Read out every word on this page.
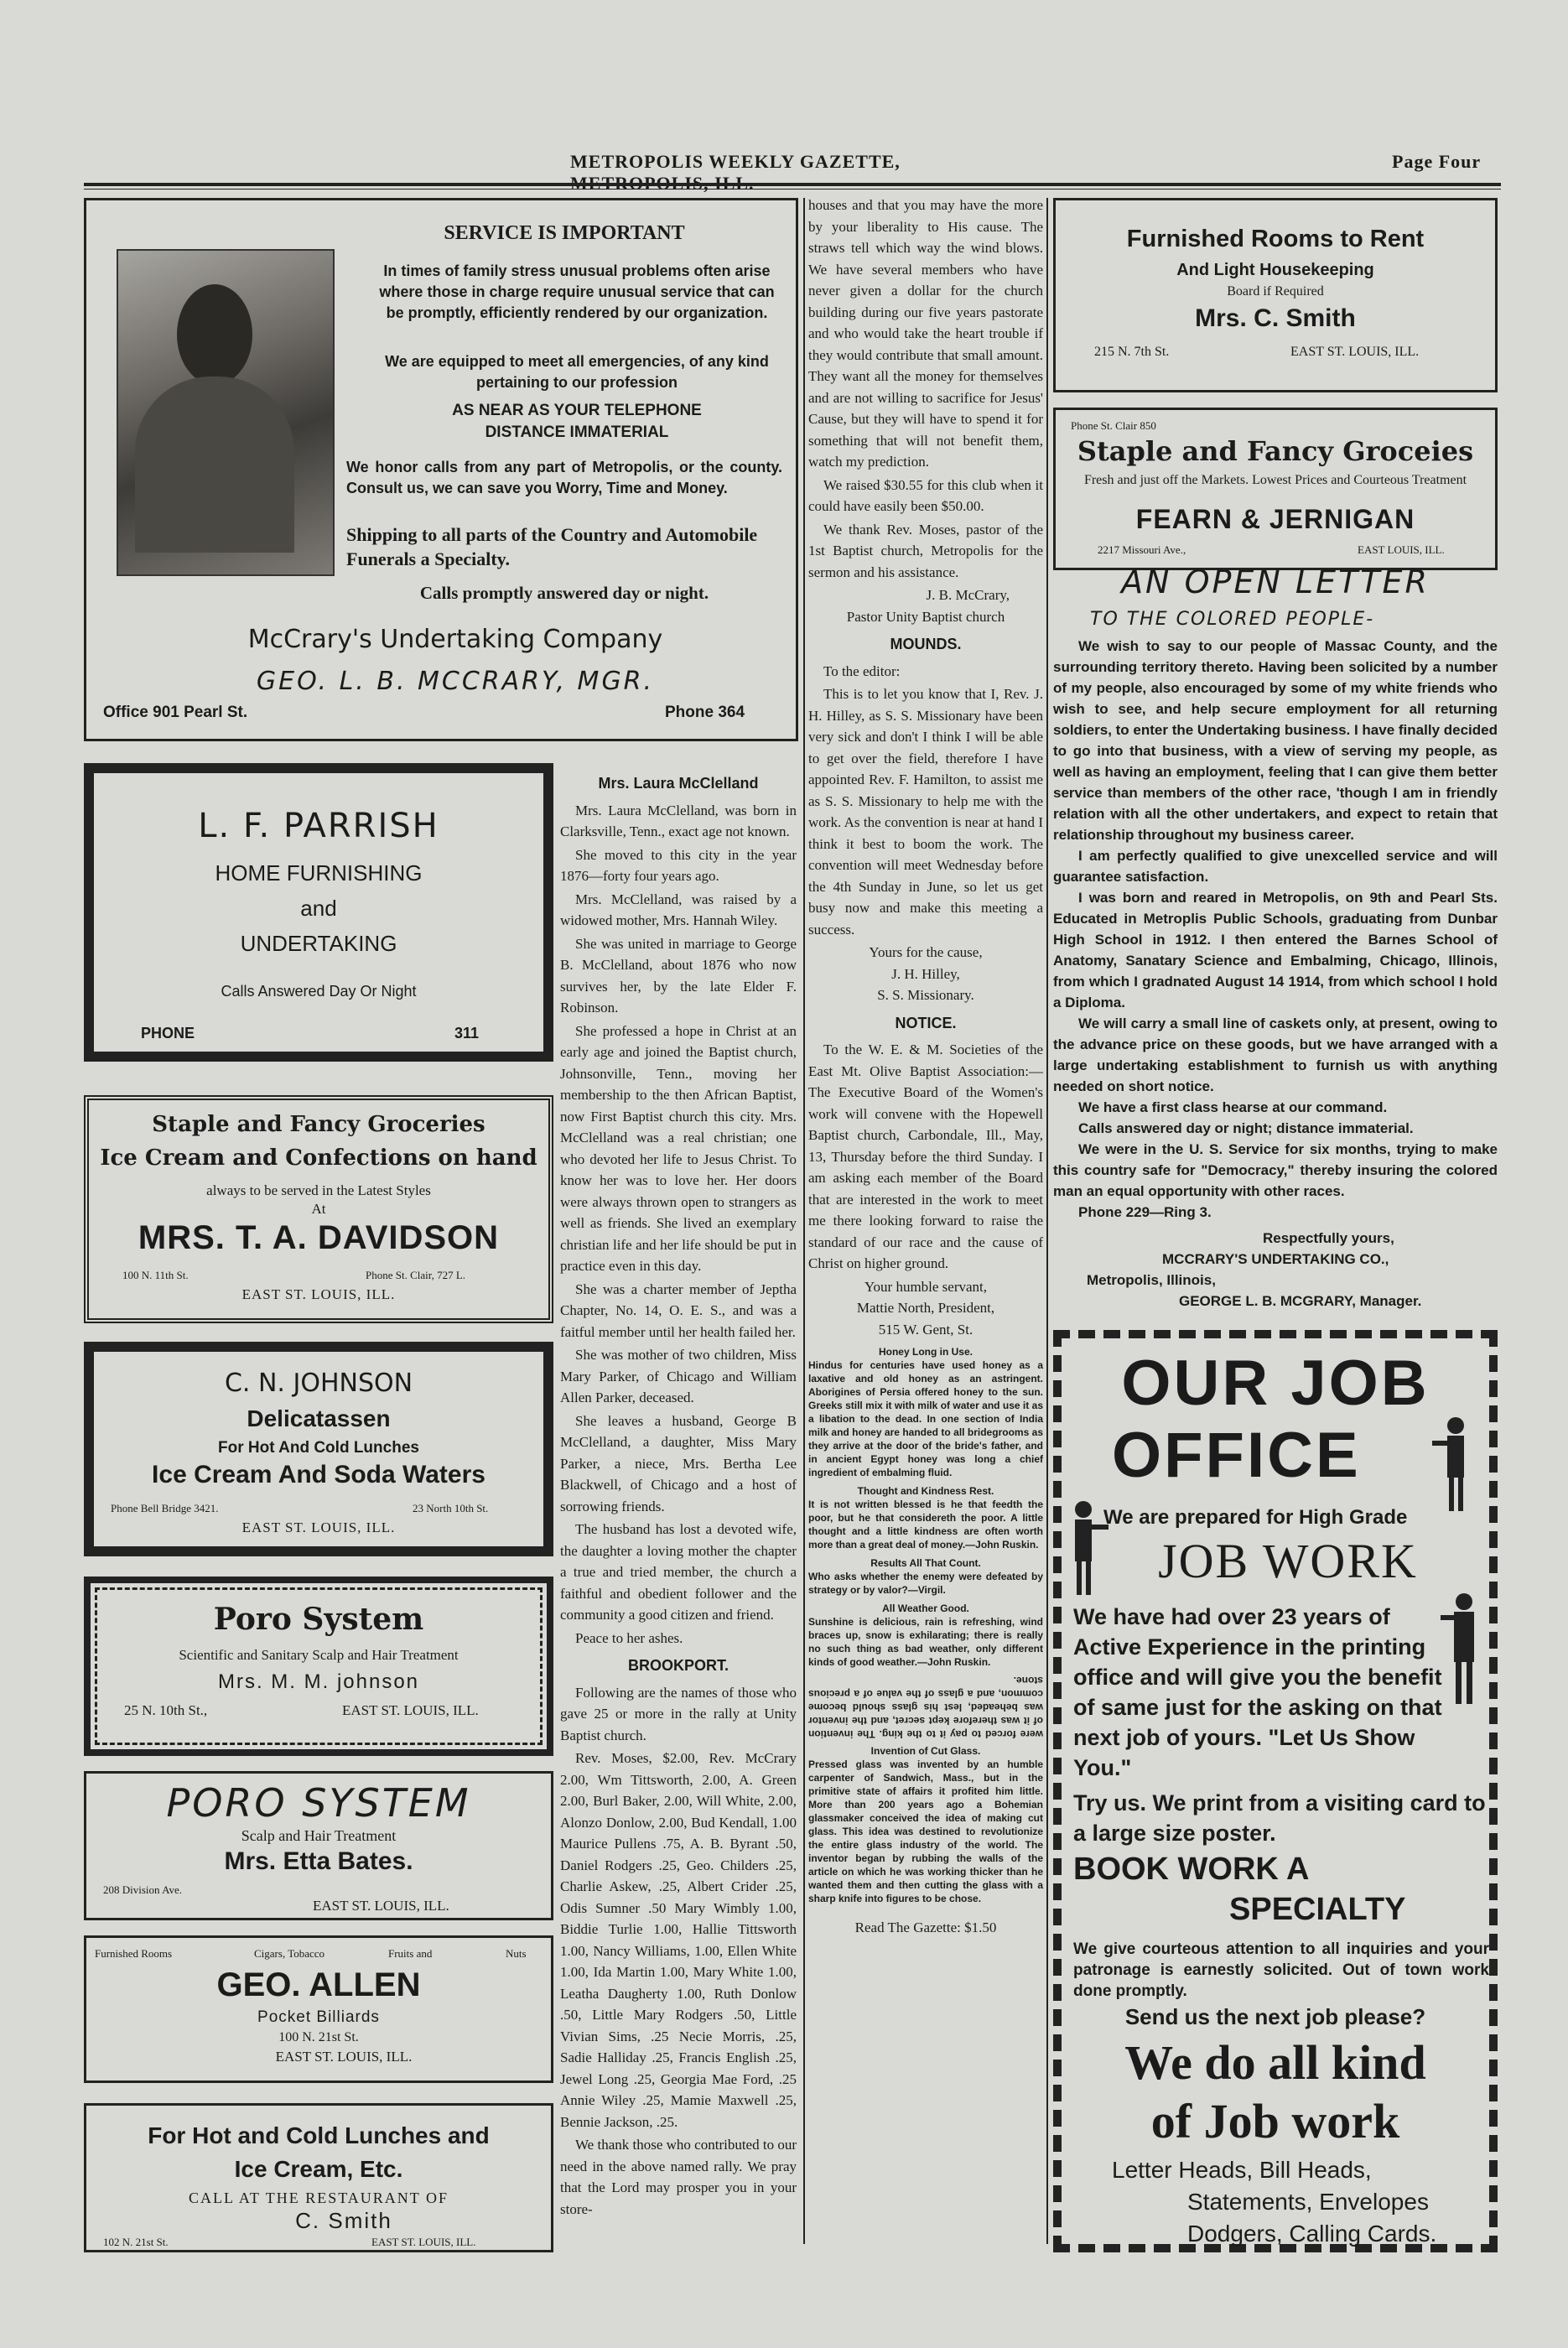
METROPOLIS WEEKLY GAZETTE,	Page Four
SERVICE IS IMPORTANT
In times of family stress unusual problems often arise where those in charge require unusual service that can be promptly, efficiently rendered by our organization.
We are equipped to meet all emergencies, of any kind pertaining to our profession
AS NEAR AS YOUR TELEPHONE
DISTANCE IMMATERIAL
We honor calls from any part of Metropolis, or the county. Consult us, we can save you Worry, Time and Money.
Shipping to all parts of the Country and Automobile Funerals a Specialty.
Calls promptly answered day or night.
McCrary's Undertaking Company
GEO. L. B. MCCRARY, MGR.
Office 901 Pearl St.	Phone 364
L. F. PARRISH
HOME FURNISHING
and
UNDERTAKING
Calls Answered Day Or Night
PHONE	311
Staple and Fancy Groceries
Ice Cream and Confections on hand
always to be served in the Latest Styles
At
MRS. T. A. DAVIDSON
100 N. 11th St.	Phone St. Clair, 727 L.
EAST ST. LOUIS, ILL.
C. N. JOHNSON
Delicatassen
For Hot And Cold Lunches
Ice Cream And Soda Waters
Phone Bell Bridge 3421.	23 North 10th St.
EAST ST. LOUIS, ILL.
Poro System
Scientific and Sanitary Scalp and Hair Treatment
Mrs. M. M. johnson
25 N. 10th St.,	EAST ST. LOUIS, ILL.
PORO SYSTEM
Scalp and Hair Treatment
Mrs. Etta Bates.
208 Division Ave.
EAST ST. LOUIS, ILL.
Furnished Rooms	Cigars, Tobacco	Fruits and	Nuts
GEO. ALLEN
Pocket Billiards
100 N. 21st St.
EAST ST. LOUIS, ILL.
For Hot and Cold Lunches and
Ice Cream, Etc.
CALL AT THE RESTAURANT OF
C. Smith
102 N. 21st St.	EAST ST. LOUIS, ILL.
Mrs. Laura McClelland

Mrs. Laura McClelland, was born in Clarksville, Tenn., exact age not known.

She moved to this city in the year 1876—forty four years ago.

Mrs. McClelland, was raised by a widowed mother, Mrs. Hannah Wiley.

She was united in marriage to George B. McClelland, about 1876 who now survives her, by the late Elder F. Robinson.

She professed a hope in Christ at an early age and joined the Baptist church, Johnsonville, Tenn., moving her membership to the then African Baptist, now First Baptist church this city. Mrs. McClelland was a real christian; one who devoted her life to Jesus Christ. To know her was to love her. Her doors were always thrown open to strangers as well as friends. She lived an exemplary christian life and her life should be put in practice even in this day.

She was a charter member of Jeptha Chapter, No. 14, O. E. S., and was a faitful member until her health failed her.

She was mother of two children, Miss Mary Parker, of Chicago and William Allen Parker, deceased.

She leaves a husband, George B McClelland, a daughter, Miss Mary Parker, a niece, Mrs. Bertha Lee Blackwell, of Chicago and a host of sorrowing friends.

The husband has lost a devoted wife, the daughter a loving mother the chapter a true and tried member, the church a faithful and obedient follower and the community a good citizen and friend.

Peace to her ashes.

BROOKPORT.

Following are the names of those who gave 25 or more in the rally at Unity Baptist church.

Rev. Moses, $2.00, Rev. McCrary 2.00, Wm Tittsworth, 2.00, A. Green 2.00, Burl Baker, 2.00, Will White, 2.00, Alonzo Donlow, 2.00, Bud Kendall, 1.00 Maurice Pullens .75, A. B. Byrant .50, Daniel Rodgers .25, Geo. Childers .25, Charlie Askew, .25, Albert Crider .25, Odis Sumner .50 Mary Wimbly 1.00, Biddie Turlie 1.00, Hallie Tittsworth 1.00, Nancy Williams, 1.00, Ellen White 1.00, Ida Martin 1.00, Mary White 1.00, Leatha Daugherty 1.00, Ruth Donlow .50, Little Mary Rodgers .50, Little Vivian Sims, .25 Necie Morris, .25, Sadie Halliday .25, Francis English .25, Jewel Long .25, Georgia Mae Ford, .25 Annie Wiley .25, Mamie Maxwell .25, Bennie Jackson, .25.

We thank those who contributed to our need in the above named rally. We pray that the Lord may prosper you in your store-

houses and that you may have the more by your liberality to His cause. The straws tell which way the wind blows. We have several members who have never given a dollar for the church building during our five years pastorate and who would take the heart trouble if they would contribute that small amount. They want all the money for themselves and are not willing to sacrifice for Jesus' Cause, but they will have to spend it for something that will not benefit them, watch my prediction.

We raised $30.55 for this club when it could have easily been $50.00.

We thank Rev. Moses, pastor of the 1st Baptist church, Metropolis for the sermon and his assistance.

J. B. McCrary,
Pastor Unity Baptist church
MOUNDS.

To the editor:

This is to let you know that I, Rev. J. H. Hilley, as S. S. Missionary have been very sick and don't I think I will be able to get over the field, therefore I have appointed Rev. F. Hamilton, to assist me as S. S. Missionary to help me with the work. As the convention is near at hand I think it best to boom the work. The convention will meet Wednesday before the 4th Sunday in June, so let us get busy now and make this meeting a success.

Yours for the cause,
J. H. Hilley,
S. S. Missionary.
NOTICE.

To the W. E. & M. Societies of the East Mt. Olive Baptist Association:—The Executive Board of the Women's work will convene with the Hopewell Baptist church, Carbondale, Ill., May, 13, Thursday before the third Sunday. I am asking each member of the Board that are interested in the work to meet me there looking forward to raise the standard of our race and the cause of Christ on higher ground.

Your humble servant,
Mattie North, President,
515 W. Gent, St.
Honey Long in Use.
Hindus for centuries have used honey as a laxative and old honey as an astringent. Aborigines of Persia offered honey to the sun. Greeks still mix it with milk of water and use it as a libation to the dead. In one section of India milk and honey are handed to all bridegrooms as they arrive at the door of the bride's father, and in ancient Egypt honey was long a chief ingredient of embalming fluid.
Thought and Kindness Rest.
It is not written blessed is he that feedth the poor, but he that considereth the poor. A little thought and a little kindness are often worth more than a great deal of money.—John Ruskin.
Results All That Count.
Who asks whether the enemy were defeated by strategy or by valor?—Virgil.
All Weather Good.
Sunshine is delicious, rain is refreshing, wind braces up, snow is exhilarating; there is really no such thing as bad weather, only different kinds of good weather.—John Ruskin.
were forced to pay it to the king. The invention of it was therefore kept secret, and the inventor was beheaded, lest his glass should become common, and a glass of the value of a precious stone.
Invention of Cut Glass.
Pressed glass was invented by an humble carpenter of Sandwich, Mass., but in the primitive state of affairs it profited him little. More than 200 years ago a Bohemian glassmaker conceived the idea of making cut glass. This idea was destined to revolutionize the entire glass industry of the world. The inventor began by rubbing the walls of the article on which he was working thicker than he wanted them and then cutting the glass with a sharp knife into figures to be chose.
Read The Gazette: $1.50
Furnished Rooms to Rent
And Light Housekeeping
Board if Required
Mrs. C. Smith
215 N. 7th St.	EAST ST. LOUIS, ILL.
Phone St. Clair 850
Staple and Fancy Groceies
Fresh and just off the Markets. Lowest Prices and Courteous Treatment
FEARN & JERNIGAN
2217 Missouri Ave.,	EAST LOUIS, ILL.
AN OPEN LETTER
TO THE COLORED PEOPLE-

We wish to say to our people of Massac County, and the surrounding territory thereto. Having been solicited by a number of my people, also encouraged by some of my white friends who wish to see, and help secure employment for all returning soldiers, to enter the Undertaking business. I have finally decided to go into that business, with a view of serving my people, as well as having an employment, feeling that I can give them better service than members of the other race, 'though I am in friendly relation with all the other undertakers, and expect to retain that relationship throughout my business career.

I am perfectly qualified to give unexcelled service and will guarantee satisfaction.

I was born and reared in Metropolis, on 9th and Pearl Sts. Educated in Metroplis Public Schools, graduating from Dunbar High School in 1912. I then entered the Barnes School of Anatomy, Sanatary Science and Embalming, Chicago, Illinois, from which I gradnated August 14 1914, from which school I hold a Diploma.

We will carry a small line of caskets only, at present, owing to the advance price on these goods, but we have arranged with a large undertaking establishment to furnish us with anything needed on short notice.

We have a first class hearse at our command.

Calls answered day or night; distance immaterial.

We were in the U. S. Service for six months, trying to make this country safe for "Democracy," thereby insuring the colored man an equal opportunity with other races.

Phone 229—Ring 3.

Respectfully yours,
MCCRARY'S UNDERTAKING CO.,
Metropolis, Illinois,
GEORGE L. B. MCGRARY, Manager.
OUR JOB
OFFICE
We are prepared for High Grade
JOB WORK
We have had over 23 years of Active Experience in the printing office and will give you the benefit of same just for the asking on that next job of yours. "Let Us Show You."
Try us. We print from a visiting card to a large size poster.
BOOK WORK A
SPECIALTY
We give courteous attention to all inquiries and your patronage is earnestly solicited. Out of town work done promptly.
Send us the next job please?
We do all kind
of Job work
Letter Heads, Bill Heads,
Statements, Envelopes
Dodgers, Calling Cards.
